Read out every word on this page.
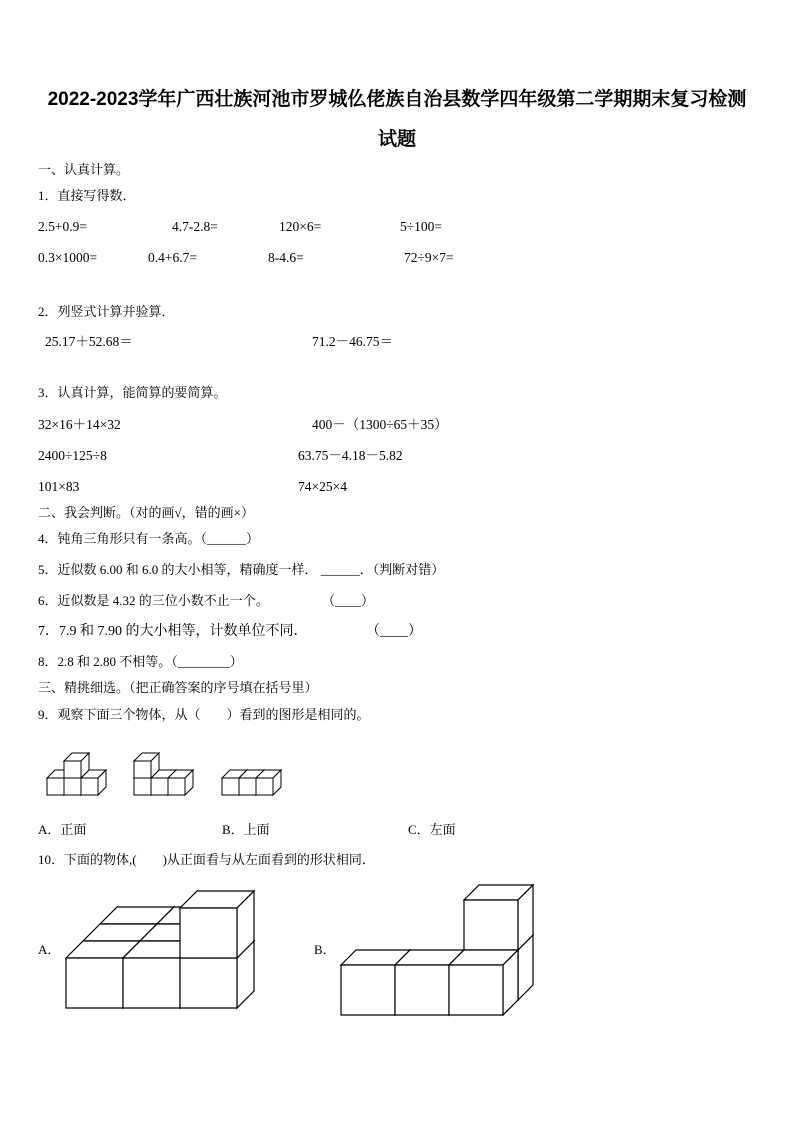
2022-2023学年广西壮族河池市罗城仫佬族自治县数学四年级第二学期期末复习检测
试题
一、认真计算。
1．直接写得数．
2.5+0.9=	4.7-2.8=	120×6=	5÷100=
0.3×1000=	0.4+6.7=	8-4.6=	72÷9×7=
2．列竖式计算并验算．
25.17＋52.68＝	71.2－46.75＝
3．认真计算，能简算的要简算。
32×16＋14×32	400－（1300÷65＋35）
2400÷125÷8	63.75－4.18－5.82
101×83	74×25×4
二、我会判断。（对的画√，错的画×）
4．钝角三角形只有一条高。（______）
5．近似数 6.00 和 6.0 的大小相等，精确度一样． ______．（判断对错）
6．近似数是 4.32 的三位小数不止一个。	（____）
7．7.9 和 7.90 的大小相等，计数单位不同．	（____）
8．2.8 和 2.80 不相等。（________）
三、精挑细选。（把正确答案的序号填在括号里）
9．观察下面三个物体，从（　　）看到的图形是相同的。
A．正面	B．上面	C．左面
10．下面的物体,(　　)从正面看与从左面看到的形状相同．
A．	B．
